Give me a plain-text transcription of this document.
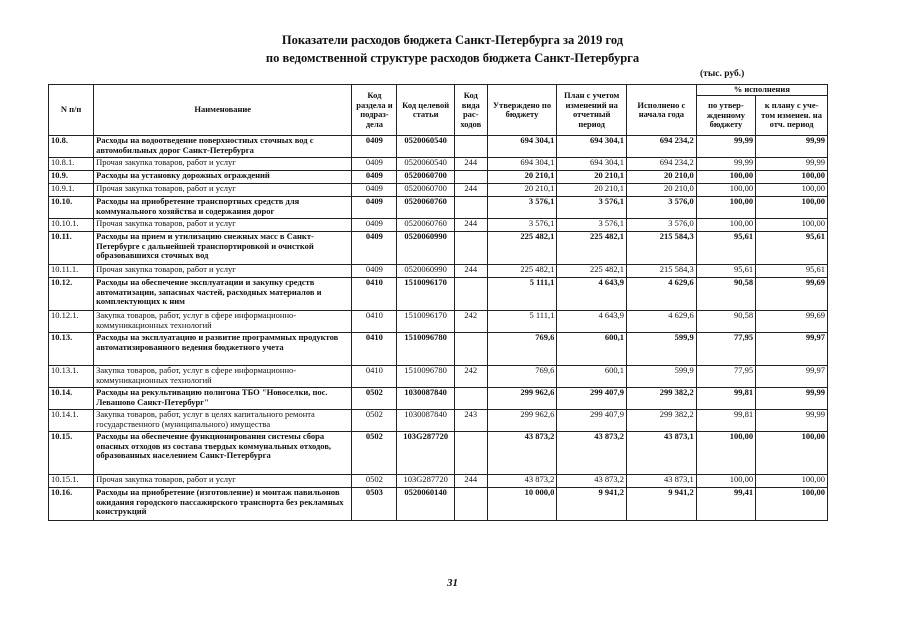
Показатели расходов бюджета Санкт-Петербурга за 2019 год
по ведомственной структуре расходов бюджета Санкт-Петербурга
(тыс. руб.)
N п/п	Наименование	Код раздела и подраз-дела	Код целевой статьи	Код вида рас-ходов	Утверждено по бюджету	План с учетом изменений на отчетный период	Исполнено с начала года	% исполнения	
								по утвер-жденному бюджету	к плану с уче-том изменен. на отч. период
10.8.	Расходы на водоотведение поверхностных сточных вод с автомобильных дорог Санкт-Петербурга	0409	0520060540		694 304,1	694 304,1	694 234,2	99,99	99,99
10.8.1.	Прочая закупка товаров, работ и услуг	0409	0520060540	244	694 304,1	694 304,1	694 234,2	99,99	99,99
10.9.	Расходы на установку дорожных ограждений	0409	0520060700		20 210,1	20 210,1	20 210,0	100,00	100,00
10.9.1.	Прочая закупка товаров, работ и услуг	0409	0520060700	244	20 210,1	20 210,1	20 210,0	100,00	100,00
10.10.	Расходы на приобретение транспортных средств для коммунального хозяйства и содержания дорог	0409	0520060760		3 576,1	3 576,1	3 576,0	100,00	100,00
10.10.1.	Прочая закупка товаров, работ и услуг	0409	0520060760	244	3 576,1	3 576,1	3 576,0	100,00	100,00
10.11.	Расходы на прием и утилизацию снежных масс в Санкт-Петербурге с дальнейшей транспортировкой и очисткой образовавшихся сточных вод	0409	0520060990		225 482,1	225 482,1	215 584,3	95,61	95,61
10.11.1.	Прочая закупка товаров, работ и услуг	0409	0520060990	244	225 482,1	225 482,1	215 584,3	95,61	95,61
10.12.	Расходы на обеспечение эксплуатации и закупку средств автоматизации, запасных частей, расходных материалов и комплектующих к ним	0410	1510096170		5 111,1	4 643,9	4 629,6	90,58	99,69
10.12.1.	Закупка товаров, работ, услуг в сфере информационно-коммуникационных технологий	0410	1510096170	242	5 111,1	4 643,9	4 629,6	90,58	99,69
10.13.	Расходы на эксплуатацию и развитие программных продуктов автоматизированного ведения бюджетного учета	0410	1510096780		769,6	600,1	599,9	77,95	99,97
10.13.1.	Закупка товаров, работ, услуг в сфере информационно-коммуникационных технологий	0410	1510096780	242	769,6	600,1	599,9	77,95	99,97
10.14.	Расходы на рекультивацию полигона ТБО "Новоселки, пос. Левашово Санкт-Петербург"	0502	1030087840		299 962,6	299 407,9	299 382,2	99,81	99,99
10.14.1.	Закупка товаров, работ, услуг в целях капитального ремонта государственного (муниципального) имущества	0502	1030087840	243	299 962,6	299 407,9	299 382,2	99,81	99,99
10.15.	Расходы на обеспечение функционирования системы сбора опасных отходов из состава твердых коммунальных отходов, образованных населением Санкт-Петербурга	0502	103G287720		43 873,2	43 873,2	43 873,1	100,00	100,00
10.15.1.	Прочая закупка товаров, работ и услуг	0502	103G287720	244	43 873,2	43 873,2	43 873,1	100,00	100,00
10.16.	Расходы на приобретение (изготовление) и монтаж павильонов ожидания городского пассажирского транспорта без рекламных конструкций	0503	0520060140		10 000,0	9 941,2	9 941,2	99,41	100,00
31
